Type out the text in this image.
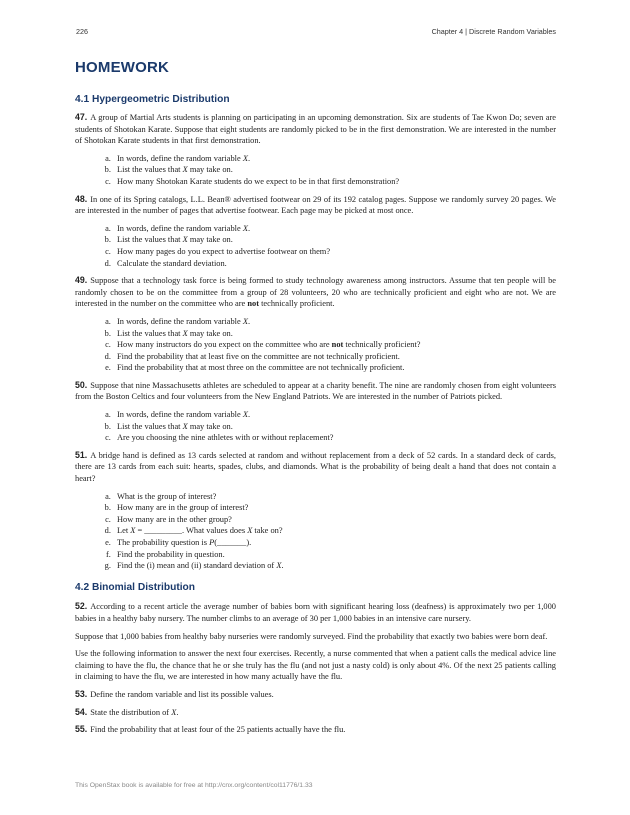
226	Chapter 4 | Discrete Random Variables
HOMEWORK
4.1 Hypergeometric Distribution

47. A group of Martial Arts students is planning on participating in an upcoming demonstration. Six are students of Tae Kwon Do; seven are students of Shotokan Karate. Suppose that eight students are randomly picked to be in the first demonstration. We are interested in the number of Shotokan Karate students in that first demonstration.

a. In words, define the random variable X.
b. List the values that X may take on.
c. How many Shotokan Karate students do we expect to be in that first demonstration?

48. In one of its Spring catalogs, L.L. Bean® advertised footwear on 29 of its 192 catalog pages. Suppose we randomly survey 20 pages. We are interested in the number of pages that advertise footwear. Each page may be picked at most once.

a. In words, define the random variable X.
b. List the values that X may take on.
c. How many pages do you expect to advertise footwear on them?
d. Calculate the standard deviation.

49. Suppose that a technology task force is being formed to study technology awareness among instructors. Assume that ten people will be randomly chosen to be on the committee from a group of 28 volunteers, 20 who are technically proficient and eight who are not. We are interested in the number on the committee who are not technically proficient.

a. In words, define the random variable X.
b. List the values that X may take on.
c. How many instructors do you expect on the committee who are not technically proficient?
d. Find the probability that at least five on the committee are not technically proficient.
e. Find the probability that at most three on the committee are not technically proficient.

50. Suppose that nine Massachusetts athletes are scheduled to appear at a charity benefit. The nine are randomly chosen from eight volunteers from the Boston Celtics and four volunteers from the New England Patriots. We are interested in the number of Patriots picked.

a. In words, define the random variable X.
b. List the values that X may take on.
c. Are you choosing the nine athletes with or without replacement?

51. A bridge hand is defined as 13 cards selected at random and without replacement from a deck of 52 cards. In a standard deck of cards, there are 13 cards from each suit: hearts, spades, clubs, and diamonds. What is the probability of being dealt a hand that does not contain a heart?

a. What is the group of interest?
b. How many are in the group of interest?
c. How many are in the other group?
d. Let X = _________. What values does X take on?
e. The probability question is P(_______).
f. Find the probability in question.
g. Find the (i) mean and (ii) standard deviation of X.
4.2 Binomial Distribution

52. According to a recent article the average number of babies born with significant hearing loss (deafness) is approximately two per 1,000 babies in a healthy baby nursery. The number climbs to an average of 30 per 1,000 babies in an intensive care nursery.

Suppose that 1,000 babies from healthy baby nurseries were randomly surveyed. Find the probability that exactly two babies were born deaf.

Use the following information to answer the next four exercises. Recently, a nurse commented that when a patient calls the medical advice line claiming to have the flu, the chance that he or she truly has the flu (and not just a nasty cold) is only about 4%. Of the next 25 patients calling in claiming to have the flu, we are interested in how many actually have the flu.

53. Define the random variable and list its possible values.

54. State the distribution of X.

55. Find the probability that at least four of the 25 patients actually have the flu.

This OpenStax book is available for free at http://cnx.org/content/col11776/1.33
